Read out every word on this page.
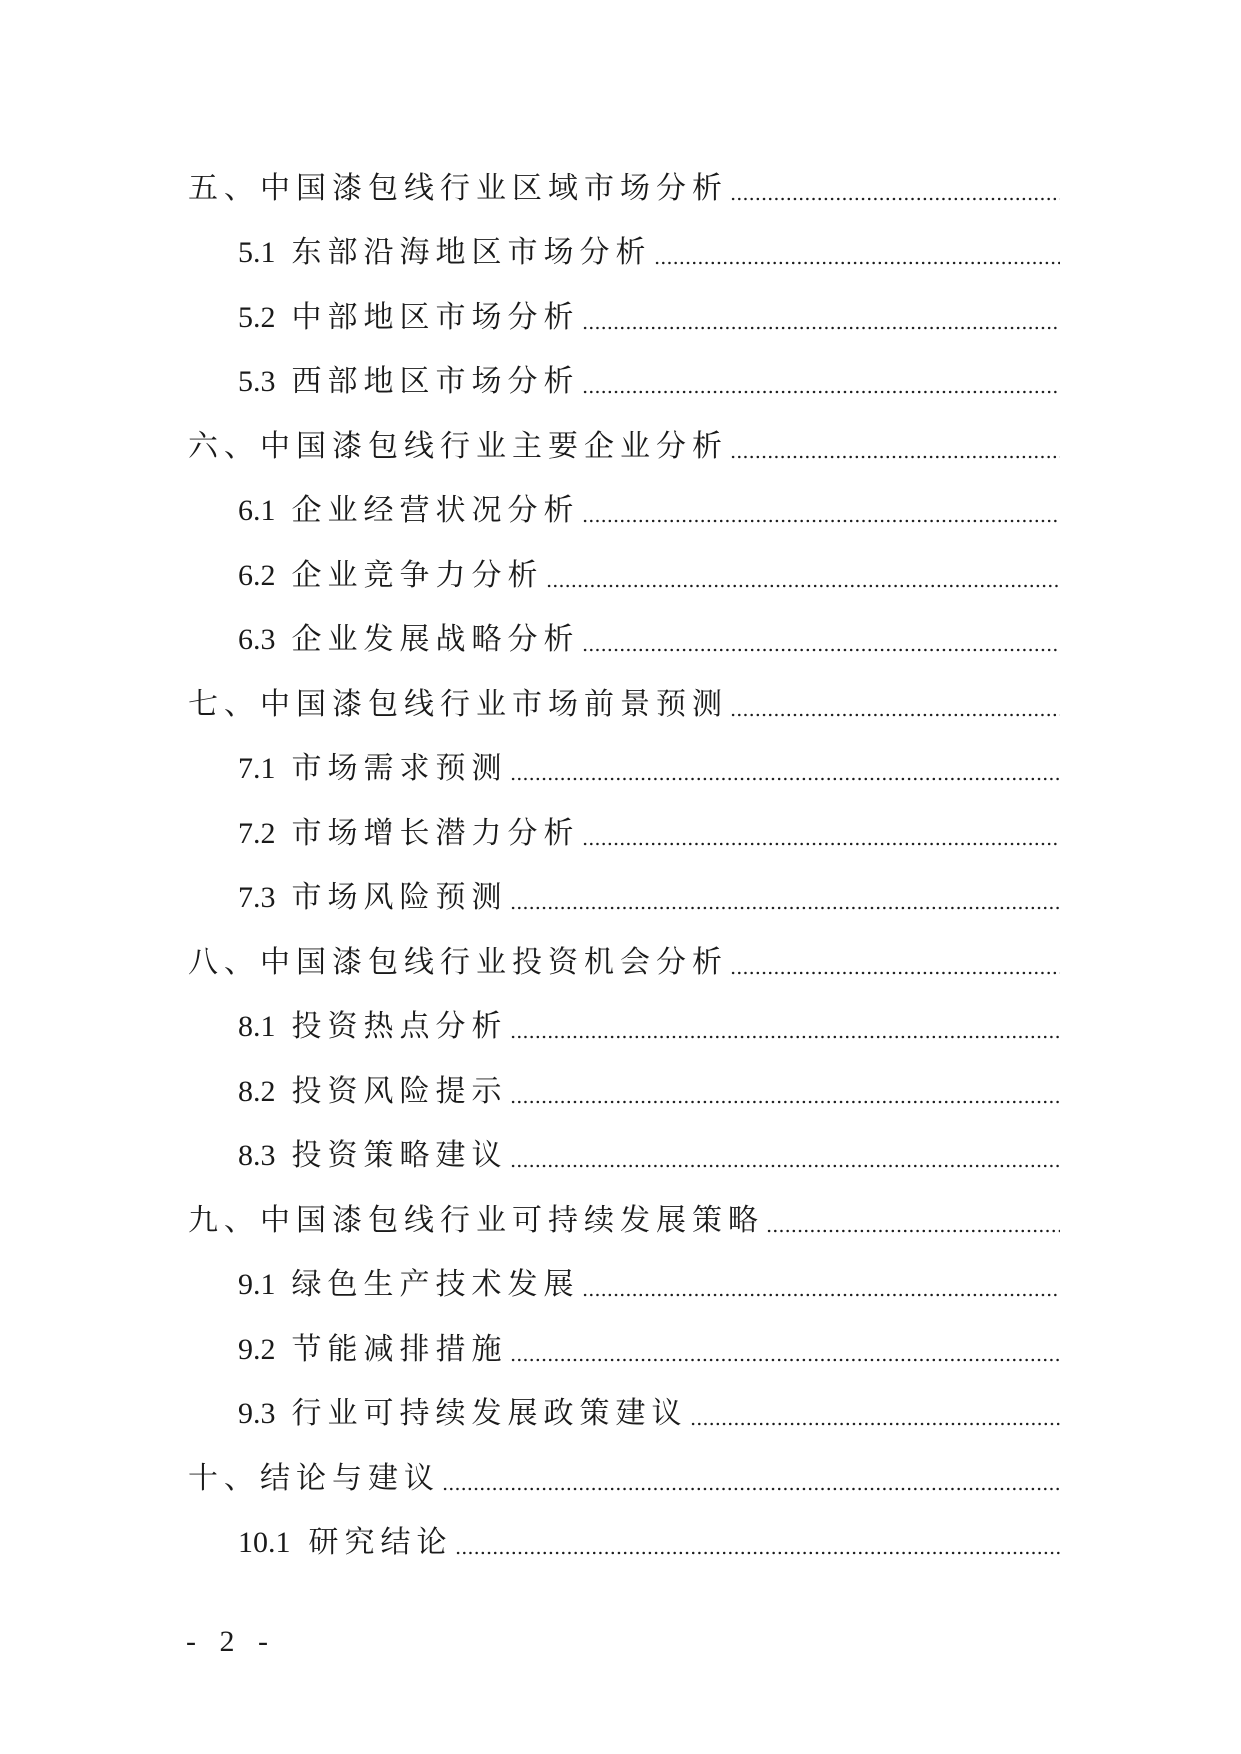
五、中国漆包线行业区域市场分析
5.1 东部沿海地区市场分析
5.2 中部地区市场分析
5.3 西部地区市场分析
六、中国漆包线行业主要企业分析
6.1 企业经营状况分析
6.2 企业竞争力分析
6.3 企业发展战略分析
七、中国漆包线行业市场前景预测
7.1 市场需求预测
7.2 市场增长潜力分析
7.3 市场风险预测
八、中国漆包线行业投资机会分析
8.1 投资热点分析
8.2 投资风险提示
8.3 投资策略建议
九、中国漆包线行业可持续发展策略
9.1 绿色生产技术发展
9.2 节能减排措施
9.3 行业可持续发展政策建议
十、结论与建议
10.1 研究结论
- 2 -
